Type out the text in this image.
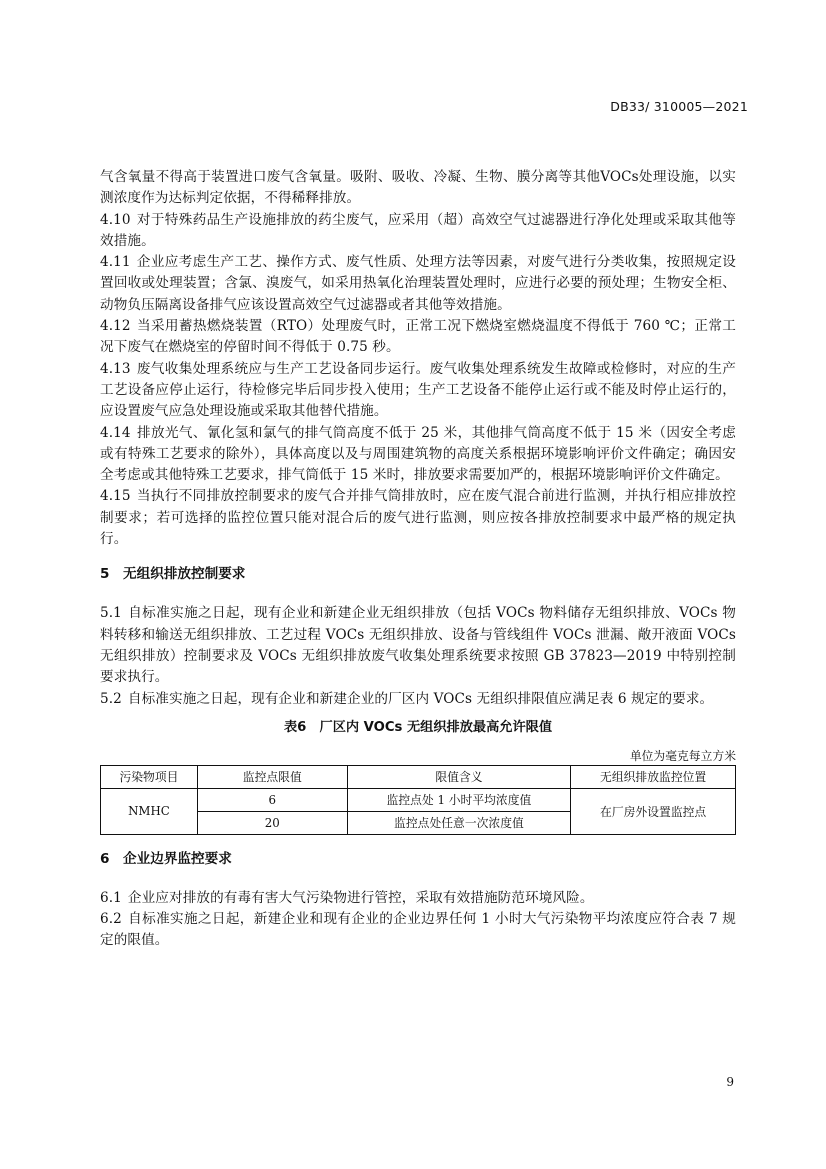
DB33/ 310005—2021

气含氧量不得高于装置进口废气含氧量。吸附、吸收、冷凝、生物、膜分离等其他VOCs处理设施，以实测浓度作为达标判定依据，不得稀释排放。

4.10 对于特殊药品生产设施排放的药尘废气，应采用（超）高效空气过滤器进行净化处理或采取其他等效措施。

4.11 企业应考虑生产工艺、操作方式、废气性质、处理方法等因素，对废气进行分类收集，按照规定设置回收或处理装置；含氯、溴废气，如采用热氧化治理装置处理时，应进行必要的预处理；生物安全柜、动物负压隔离设备排气应该设置高效空气过滤器或者其他等效措施。

4.12 当采用蓄热燃烧装置（RTO）处理废气时，正常工况下燃烧室燃烧温度不得低于 760 ℃；正常工况下废气在燃烧室的停留时间不得低于 0.75 秒。

4.13 废气收集处理系统应与生产工艺设备同步运行。废气收集处理系统发生故障或检修时，对应的生产工艺设备应停止运行，待检修完毕后同步投入使用；生产工艺设备不能停止运行或不能及时停止运行的，应设置废气应急处理设施或采取其他替代措施。

4.14 排放光气、氰化氢和氯气的排气筒高度不低于 25 米，其他排气筒高度不低于 15 米（因安全考虑或有特殊工艺要求的除外），具体高度以及与周围建筑物的高度关系根据环境影响评价文件确定；确因安全考虑或其他特殊工艺要求，排气筒低于 15 米时，排放要求需要加严的，根据环境影响评价文件确定。

4.15 当执行不同排放控制要求的废气合并排气筒排放时，应在废气混合前进行监测，并执行相应排放控制要求；若可选择的监控位置只能对混合后的废气进行监测，则应按各排放控制要求中最严格的规定执行。

5　无组织排放控制要求

5.1 自标准实施之日起，现有企业和新建企业无组织排放（包括 VOCs 物料储存无组织排放、VOCs 物料转移和输送无组织排放、工艺过程 VOCs 无组织排放、设备与管线组件 VOCs 泄漏、敞开液面 VOCs 无组织排放）控制要求及 VOCs 无组织排放废气收集处理系统要求按照 GB 37823—2019 中特别控制要求执行。

5.2 自标准实施之日起，现有企业和新建企业的厂区内 VOCs 无组织排限值应满足表 6 规定的要求。

表6　厂区内 VOCs 无组织排放最高允许限值
单位为毫克每立方米
污染物项目	监控点限值	限值含义	无组织排放监控位置
NMHC	6	监控点处 1 小时平均浓度值	在厂房外设置监控点
	20	监控点处任意一次浓度值	
6　企业边界监控要求

6.1 企业应对排放的有毒有害大气污染物进行管控，采取有效措施防范环境风险。

6.2 自标准实施之日起，新建企业和现有企业的企业边界任何 1 小时大气污染物平均浓度应符合表 7 规定的限值。

9
